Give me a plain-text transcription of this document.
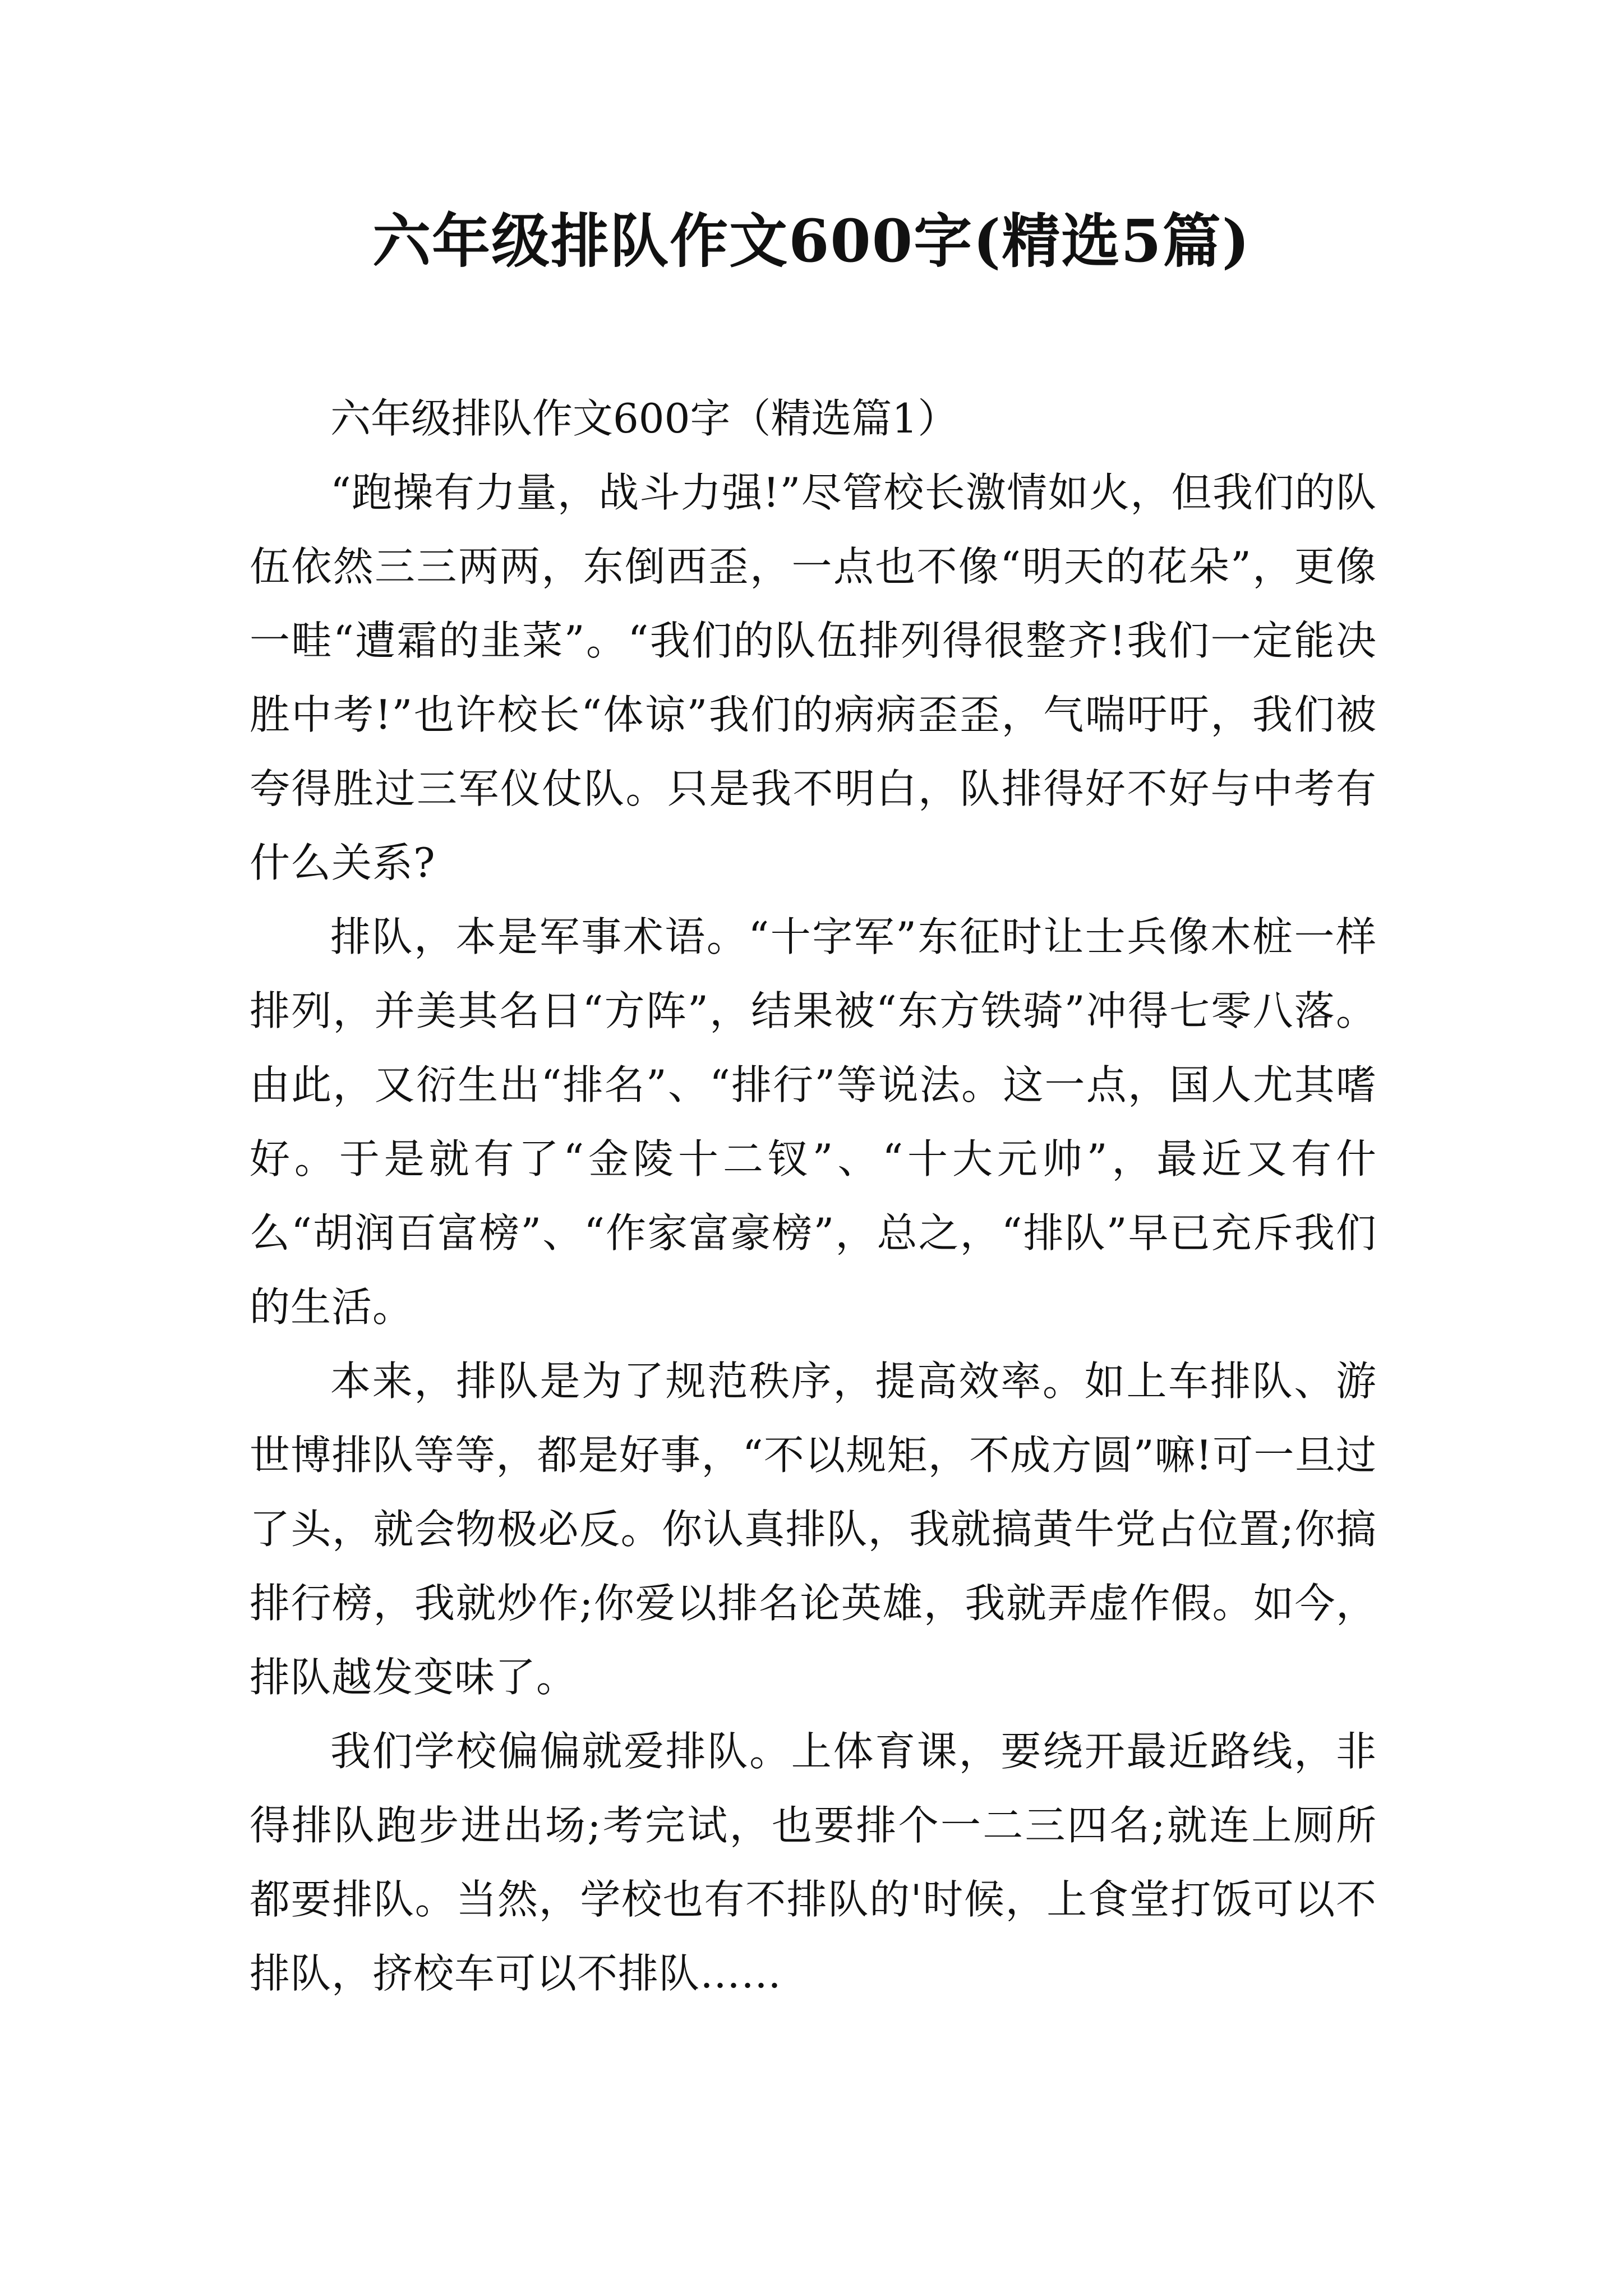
六年级排队作文600字(精选5篇)
六年级排队作文600字（精选篇1）

“跑操有力量，战斗力强!”尽管校长激情如火，但我们的队伍依然三三两两，东倒西歪，一点也不像“明天的花朵”，更像一畦“遭霜的韭菜”。“我们的队伍排列得很整齐!我们一定能决胜中考!”也许校长“体谅”我们的病病歪歪，气喘吁吁，我们被夸得胜过三军仪仗队。只是我不明白，队排得好不好与中考有什么关系?

排队，本是军事术语。“十字军”东征时让士兵像木桩一样排列，并美其名日“方阵”，结果被“东方铁骑”冲得七零八落。由此，又衍生出“排名”、“排行”等说法。这一点，国人尤其嗜好。于是就有了“金陵十二钗”、“十大元帅”，最近又有什么“胡润百富榜”、“作家富豪榜”，总之，“排队”早已充斥我们的生活。

本来，排队是为了规范秩序，提高效率。如上车排队、游世博排队等等，都是好事，“不以规矩，不成方圆”嘛!可一旦过了头，就会物极必反。你认真排队，我就搞黄牛党占位置;你搞排行榜，我就炒作;你爱以排名论英雄，我就弄虚作假。如今，排队越发变味了。

我们学校偏偏就爱排队。上体育课，要绕开最近路线，非得排队跑步进出场;考完试，也要排个一二三四名;就连上厕所都要排队。当然，学校也有不排队的'时候，上食堂打饭可以不排队，挤校车可以不排队……
